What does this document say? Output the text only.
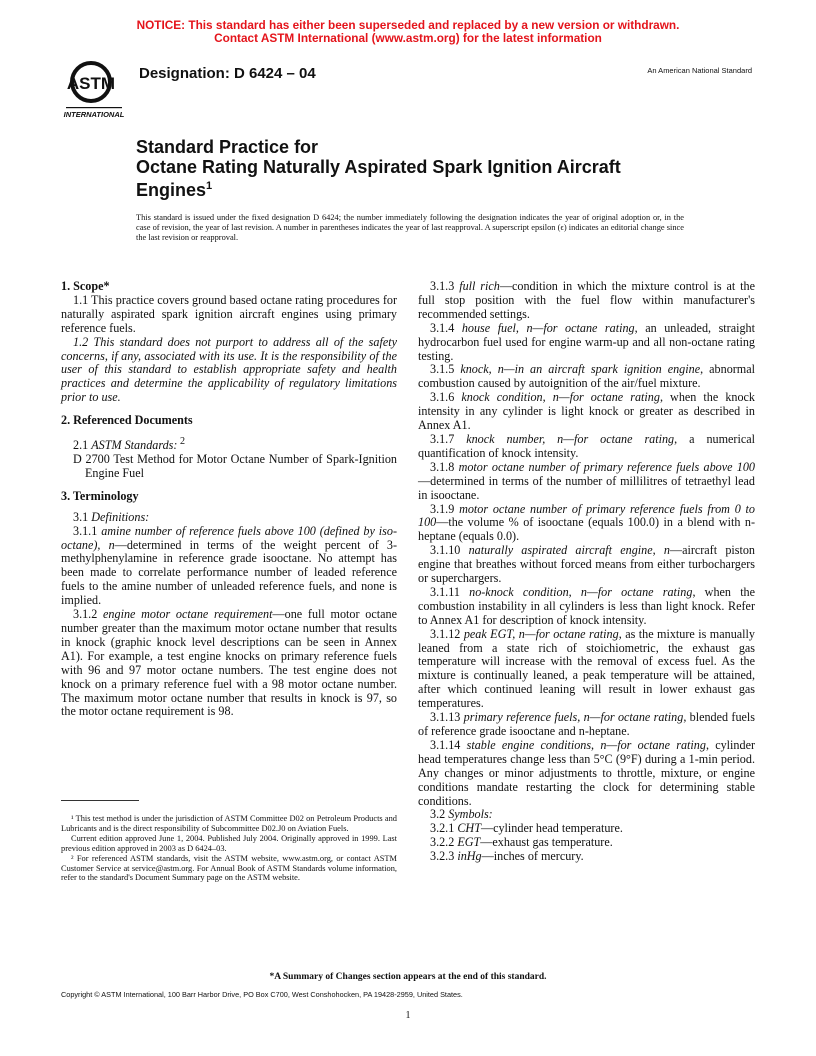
NOTICE: This standard has either been superseded and replaced by a new version or withdrawn.
Contact ASTM International (www.astm.org) for the latest information
ASTM
INTERNATIONAL
Designation: D 6424 – 04	An American National Standard
Standard Practice for
Octane Rating Naturally Aspirated Spark Ignition Aircraft
Engines$^1$
This standard is issued under the fixed designation D 6424; the number immediately following the designation indicates the year of original adoption or, in the case of revision, the year of last revision. A number in parentheses indicates the year of last reapproval. A superscript epsilon (ϵ) indicates an editorial change since the last revision or reapproval.
1. Scope*

1.1 This practice covers ground based octane rating procedures for naturally aspirated spark ignition aircraft engines using primary reference fuels.

1.2 This standard does not purport to address all of the safety concerns, if any, associated with its use. It is the responsibility of the user of this standard to establish appropriate safety and health practices and determine the applicability of regulatory limitations prior to use.

2. Referenced Documents

2.1 ASTM Standards: $^2$

D 2700 Test Method for Motor Octane Number of Spark-Ignition Engine Fuel

3. Terminology

3.1 Definitions:

3.1.1 amine number of reference fuels above 100 (defined by iso-octane), n—determined in terms of the weight percent of 3-methylphenylamine in reference grade isooctane. No attempt has been made to correlate performance number of leaded reference fuels to the amine number of unleaded reference fuels, and none is implied.

3.1.2 engine motor octane requirement—one full motor octane number greater than the maximum motor octane number that results in knock (graphic knock level descriptions can be seen in Annex A1). For example, a test engine knocks on primary reference fuels with 96 and 97 motor octane numbers. The test engine does not knock on a primary reference fuel with a 98 motor octane number. The maximum motor octane number that results in knock is 97, so the motor octane requirement is 98.

3.1.3 full rich—condition in which the mixture control is at the full stop position with the fuel flow within manufacturer's recommended settings.

3.1.4 house fuel, n—for octane rating, an unleaded, straight hydrocarbon fuel used for engine warm-up and all non-octane rating testing.

3.1.5 knock, n—in an aircraft spark ignition engine, abnormal combustion caused by autoignition of the air/fuel mixture.

3.1.6 knock condition, n—for octane rating, when the knock intensity in any cylinder is light knock or greater as described in Annex A1.

3.1.7 knock number, n—for octane rating, a numerical quantification of knock intensity.

3.1.8 motor octane number of primary reference fuels above 100—determined in terms of the number of millilitres of tetraethyl lead in isooctane.

3.1.9 motor octane number of primary reference fuels from 0 to 100—the volume % of isooctane (equals 100.0) in a blend with n-heptane (equals 0.0).

3.1.10 naturally aspirated aircraft engine, n—aircraft piston engine that breathes without forced means from either turbochargers or superchargers.

3.1.11 no-knock condition, n—for octane rating, when the combustion instability in all cylinders is less than light knock. Refer to Annex A1 for description of knock intensity.

3.1.12 peak EGT, n—for octane rating, as the mixture is manually leaned from a state rich of stoichiometric, the exhaust gas temperature will increase with the removal of excess fuel. As the mixture is continually leaned, a peak temperature will be attained, after which continued leaning will result in lower exhaust gas temperatures.

3.1.13 primary reference fuels, n—for octane rating, blended fuels of reference grade isooctane and n-heptane.

3.1.14 stable engine conditions, n—for octane rating, cylinder head temperatures change less than 5°C (9°F) during a 1-min period. Any changes or minor adjustments to throttle, mixture, or engine conditions mandate restarting the clock for determining stable conditions.

3.2 Symbols:

3.2.1 CHT—cylinder head temperature.

3.2.2 EGT—exhaust gas temperature.

3.2.3 inHg—inches of mercury.

¹ This test method is under the jurisdiction of ASTM Committee D02 on Petroleum Products and Lubricants and is the direct responsibility of Subcommittee D02.J0 on Aviation Fuels.

Current edition approved June 1, 2004. Published July 2004. Originally approved in 1999. Last previous edition approved in 2003 as D 6424–03.

² For referenced ASTM standards, visit the ASTM website, www.astm.org, or contact ASTM Customer Service at service@astm.org. For Annual Book of ASTM Standards volume information, refer to the standard's Document Summary page on the ASTM website.

*A Summary of Changes section appears at the end of this standard.
Copyright © ASTM International, 100 Barr Harbor Drive, PO Box C700, West Conshohocken, PA 19428-2959, United States.
1
